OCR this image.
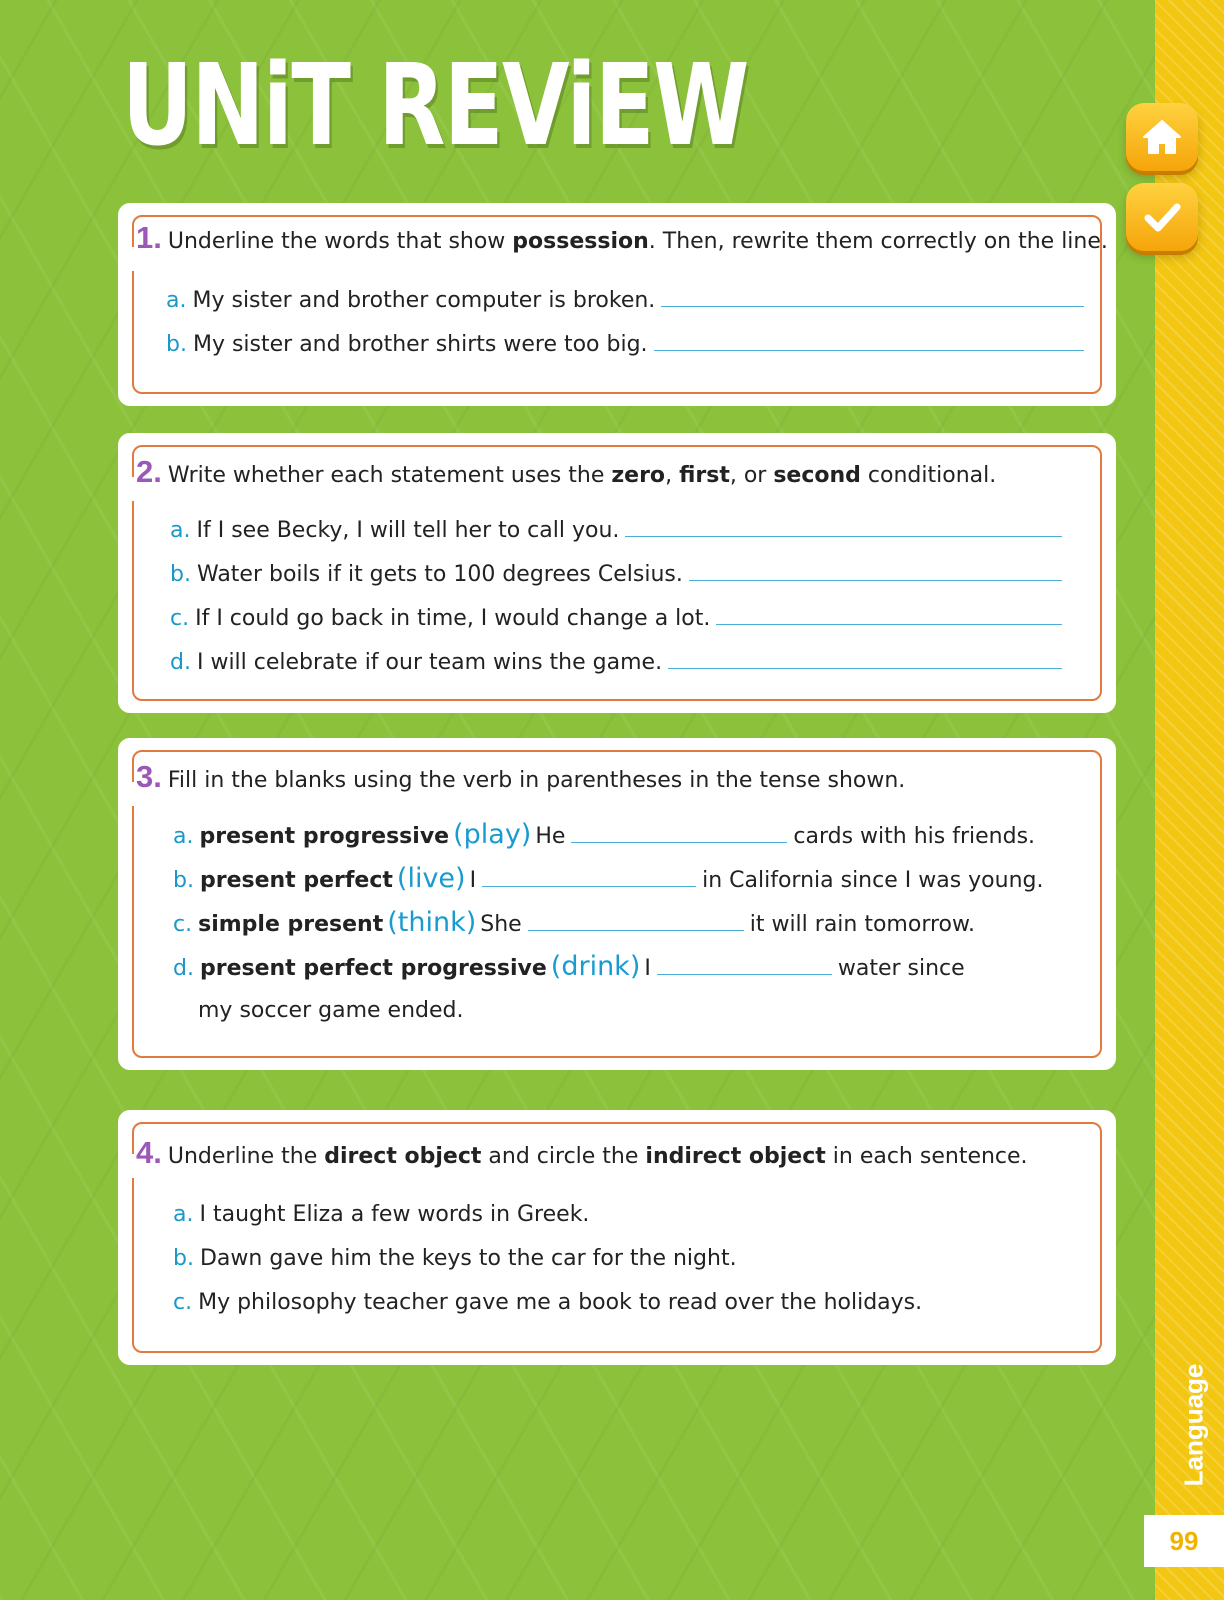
Language
99
UNiT REViEW
1. Underline the words that show possession. Then, rewrite them correctly on the line.
a. My sister and brother computer is broken.
b. My sister and brother shirts were too big.
2. Write whether each statement uses the zero, first, or second conditional.
a. If I see Becky, I will tell her to call you.
b. Water boils if it gets to 100 degrees Celsius.
c. If I could go back in time, I would change a lot.
d. I will celebrate if our team wins the game.
3. Fill in the blanks using the verb in parentheses in the tense shown.
a. present progressive (play) He	cards with his friends.
b. present perfect (live) I	in California since I was young.
c. simple present (think) She	it will rain tomorrow.
d. present perfect progressive (drink) I	water since
my soccer game ended.
4. Underline the direct object and circle the indirect object in each sentence.
a. I taught Eliza a few words in Greek.
b. Dawn gave him the keys to the car for the night.
c. My philosophy teacher gave me a book to read over the holidays.
